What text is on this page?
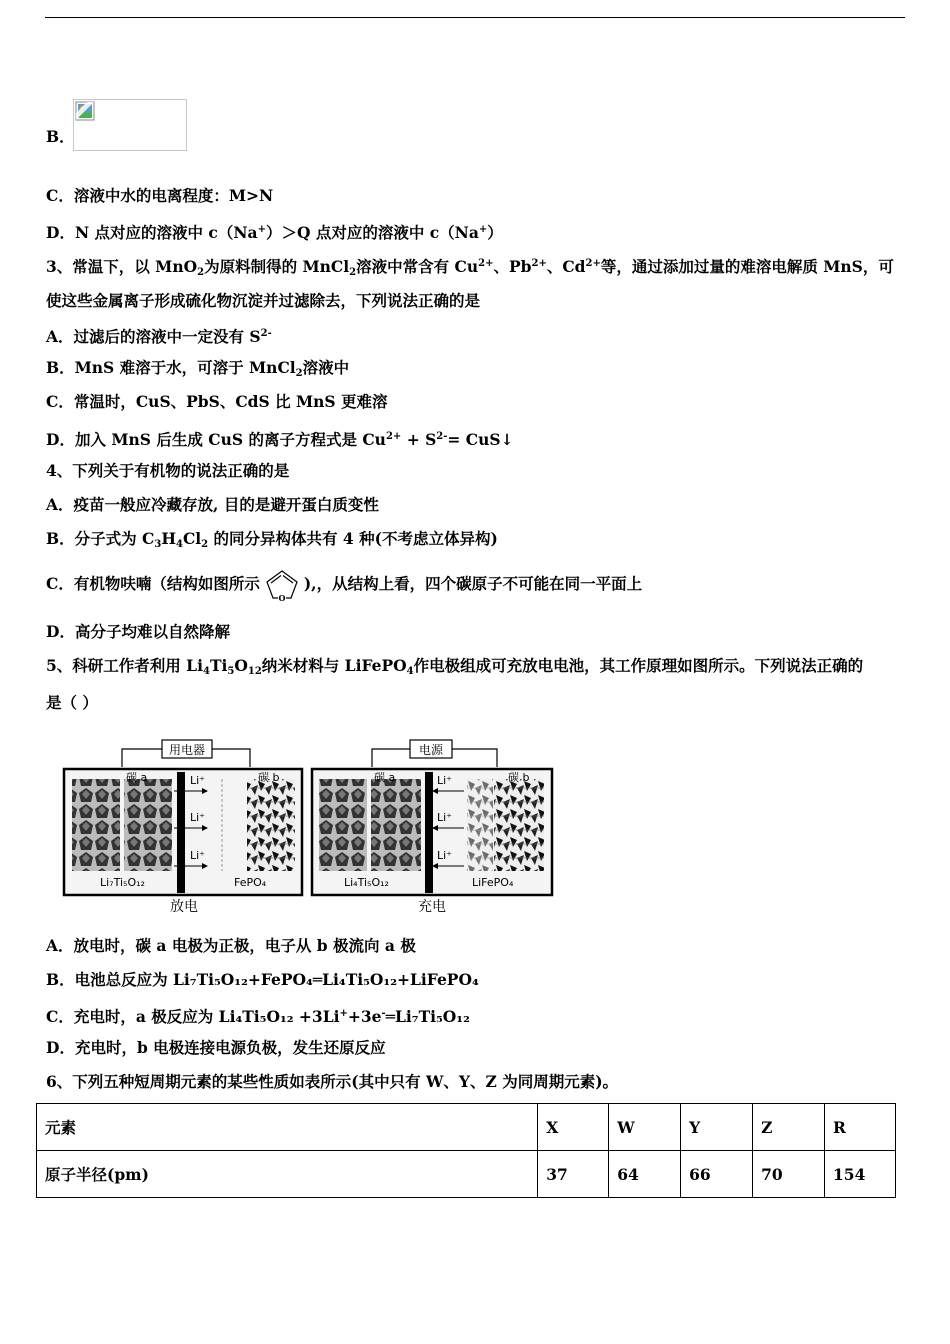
B．
C．溶液中水的电离程度：M>N
D．N 点对应的溶液中 c（Na+）＞Q 点对应的溶液中 c（Na+）
3、常温下，以 MnO$_2$为原料制得的 MnCl$_2$溶液中常含有 $Cu^{2+}$、$Pb^{2+}$、$Cd^{2+}$等，通过添加过量的难溶电解质 MnS，可
使这些金属离子形成硫化物沉淀并过滤除去，下列说法正确的是
A．过滤后的溶液中一定没有 $S^{2-}$
B．MnS 难溶于水，可溶于 MnCl$_2$溶液中
C．常温时，CuS、PbS、CdS 比 MnS 更难溶
D．加入 MnS 后生成 CuS 的离子方程式是 $Cu^{2+} + S^{2-}=$ CuS↓
4、下列关于有机物的说法正确的是
A．疫苗一般应冷藏存放, 目的是避开蛋白质变性
B．分子式为 $C_3H_4Cl_2$ 的同分异构体共有 4 种(不考虑立体异构)
C．有机物呋喃（结构如图所示
O
),，从结构上看，四个碳原子不可能在同一平面上
D．高分子均难以自然降解
5、科研工作者利用 $Li_4Ti_5O_{12}$纳米材料与 LiFePO$_4$作电极组成可充放电电池，其工作原理如图所示。下列说法正确的
是（ ）
用电器
碳 a	碳 b
Li⁺
Li⁺
Li⁺
Li₇Ti₅O₁₂	FePO₄
放电
电源
碳 a	碳 b
Li⁺
Li⁺
Li⁺
Li₄Ti₅O₁₂	LiFePO₄
充电
A．放电时，碳 a 电极为正极，电子从 b 极流向 a 极
B．电池总反应为 Li₇Ti₅O₁₂+FePO₄═Li₄Ti₅O₁₂+LiFePO₄
C．充电时，a 极反应为 Li₄Ti₅O₁₂ +3Li++3e-═Li₇Ti₅O₁₂
D．充电时，b 电极连接电源负极，发生还原反应
6、下列五种短周期元素的某些性质如表所示(其中只有 W、Y、Z 为同周期元素)。
元素	X	W	Y	Z	R
原子半径(pm)	37	64	66	70	154
